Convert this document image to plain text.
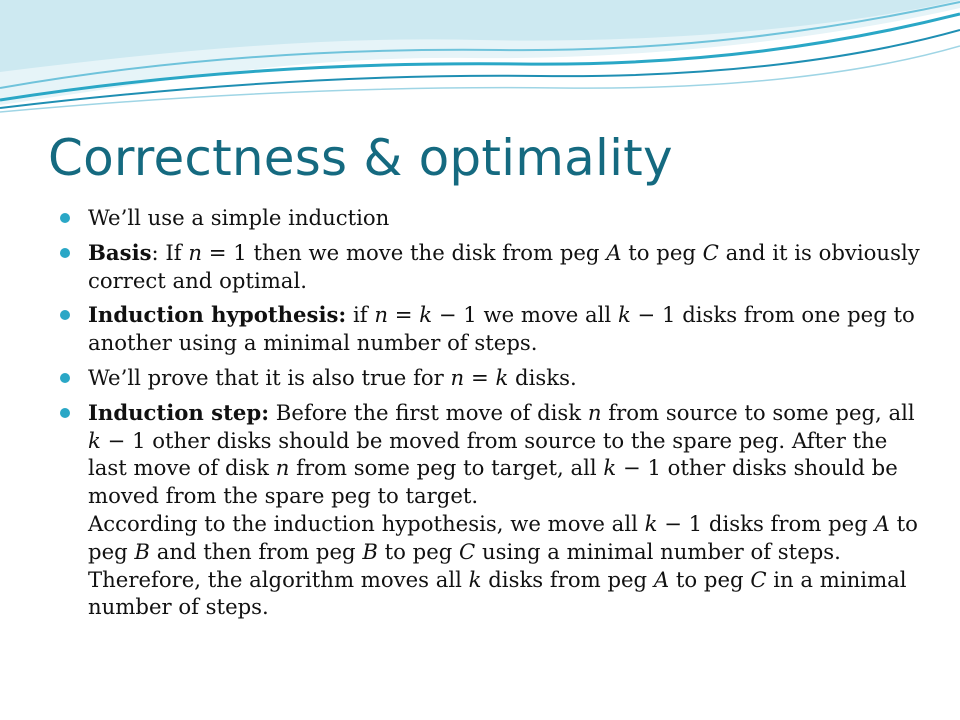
Correctness & optimality
We’ll use a simple induction
Basis: If n = 1 then we move the disk from peg A to peg C and it is obviously correct and optimal.
Induction hypothesis: if n = k − 1 we move all k − 1 disks from one peg to another using a minimal number of steps.
We’ll prove that it is also true for n = k disks.
Induction step: Before the first move of disk n from source to some peg, all k − 1 other disks should be moved from source to the spare peg. After the last move of disk n from some peg to target, all k − 1 other disks should be moved from the spare peg to target.
According to the induction hypothesis, we move all k − 1 disks from peg A to peg B and then from peg B to peg C using a minimal number of steps. Therefore, the algorithm moves all k disks from peg A to peg C in a minimal number of steps.
